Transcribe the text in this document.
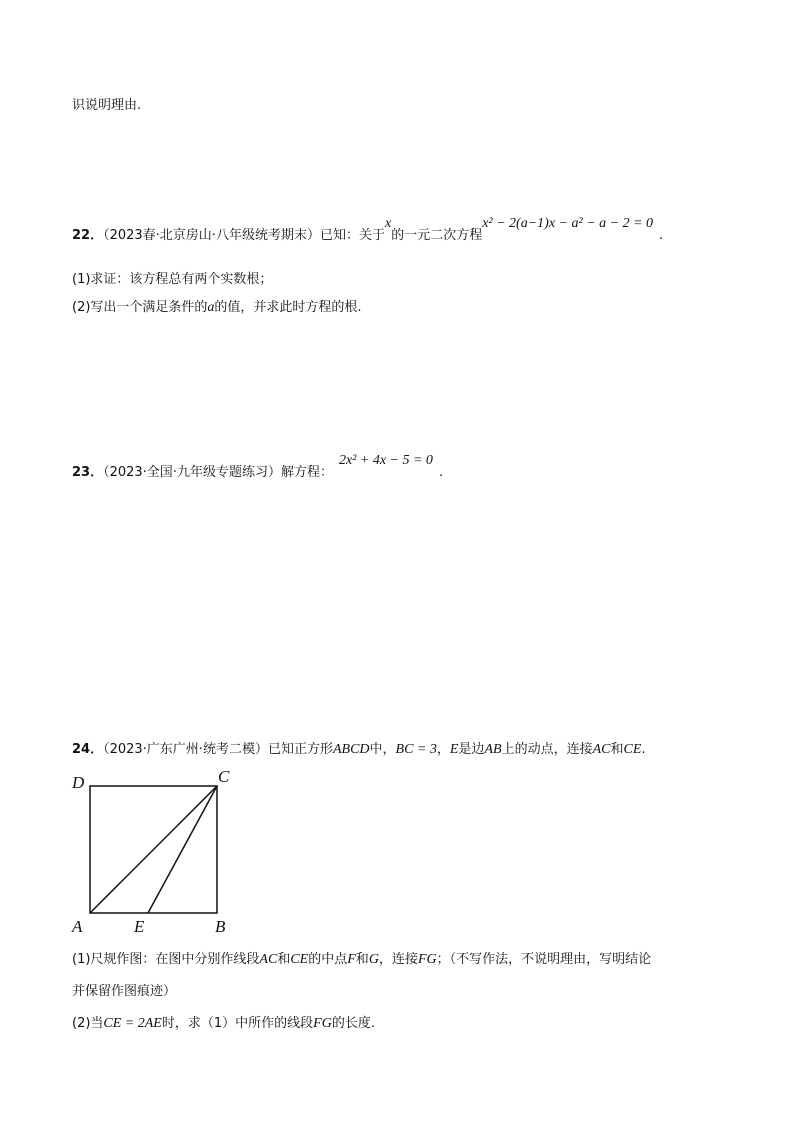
识说明理由.
22．（2023春·北京房山·八年级统考期末）已知：关于x的一元二次方程x² − 2(a−1)x − a² − a − 2 = 0.
(1)求证：该方程总有两个实数根；
(2)写出一个满足条件的a的值，并求此时方程的根.
23．（2023·全国·九年级专题练习）解方程：2x² + 4x − 5 = 0.
24．（2023·广东广州·统考二模）已知正方形ABCD中，BC = 3，E是边AB上的动点，连接AC和CE.
D	C
A	E	B
(1)尺规作图：在图中分别作线段AC和CE的中点F和G，连接FG；（不写作法，不说明理由，写明结论
并保留作图痕迹）
(2)当CE = 2AE时，求（1）中所作的线段FG的长度.
